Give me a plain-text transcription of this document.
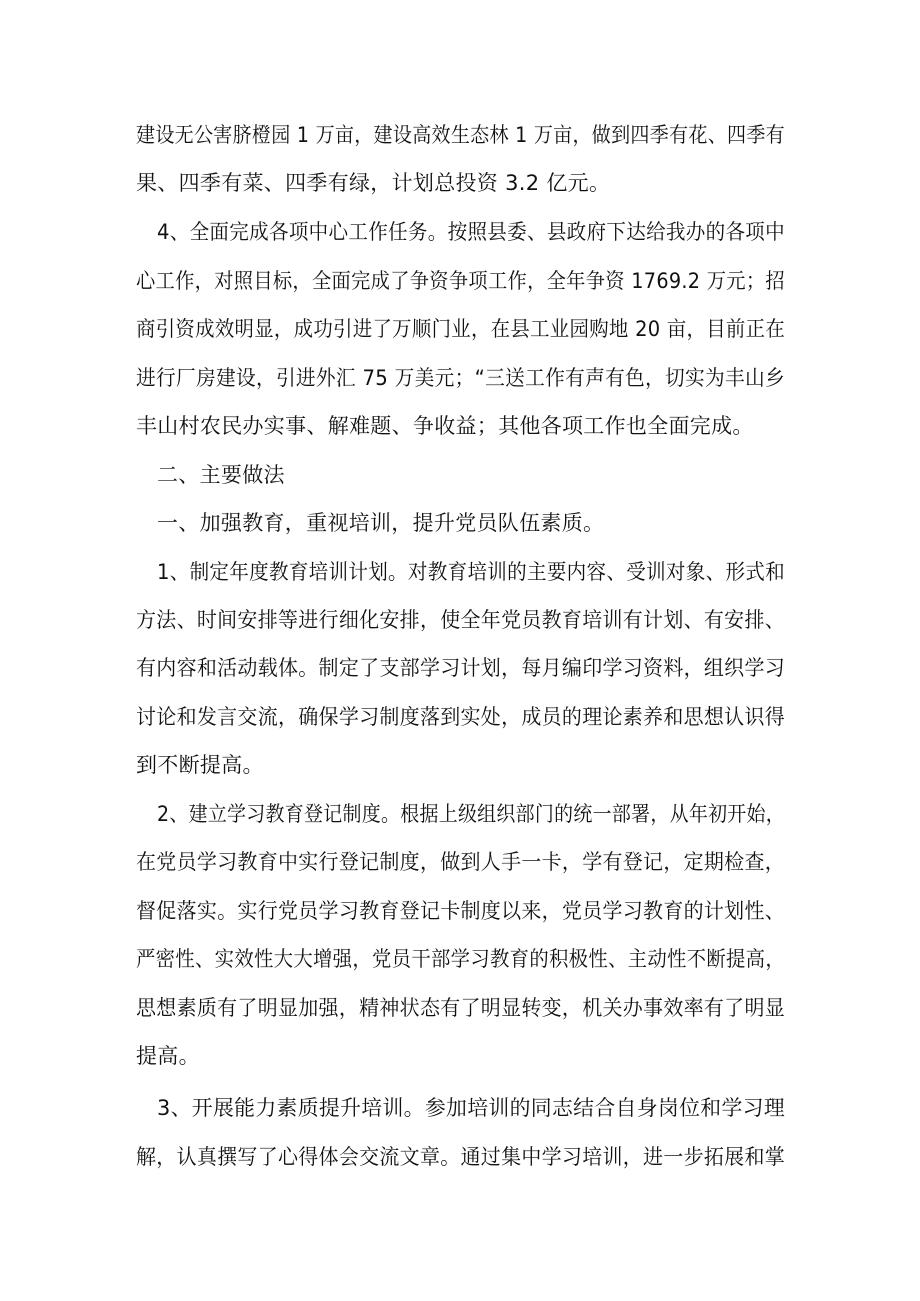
建设无公害脐橙园 1 万亩，建设高效生态林 1 万亩，做到四季有花、四季有
果、四季有菜、四季有绿，计划总投资 3.2 亿元。
4、全面完成各项中心工作任务。按照县委、县政府下达给我办的各项中
心工作，对照目标，全面完成了争资争项工作，全年争资 1769.2 万元；招
商引资成效明显，成功引进了万顺门业，在县工业园购地 20 亩，目前正在
进行厂房建设，引进外汇 75 万美元；“三送工作有声有色，切实为丰山乡
丰山村农民办实事、解难题、争收益；其他各项工作也全面完成。
二、主要做法
一、加强教育，重视培训，提升党员队伍素质。
1、制定年度教育培训计划。对教育培训的主要内容、受训对象、形式和
方法、时间安排等进行细化安排，使全年党员教育培训有计划、有安排、
有内容和活动载体。制定了支部学习计划，每月编印学习资料，组织学习
讨论和发言交流，确保学习制度落到实处，成员的理论素养和思想认识得
到不断提高。
2、建立学习教育登记制度。根据上级组织部门的统一部署，从年初开始，
在党员学习教育中实行登记制度，做到人手一卡，学有登记，定期检查，
督促落实。实行党员学习教育登记卡制度以来，党员学习教育的计划性、
严密性、实效性大大增强，党员干部学习教育的积极性、主动性不断提高，
思想素质有了明显加强，精神状态有了明显转变，机关办事效率有了明显
提高。
3、开展能力素质提升培训。参加培训的同志结合自身岗位和学习理
解，认真撰写了心得体会交流文章。通过集中学习培训，进一步拓展和掌
